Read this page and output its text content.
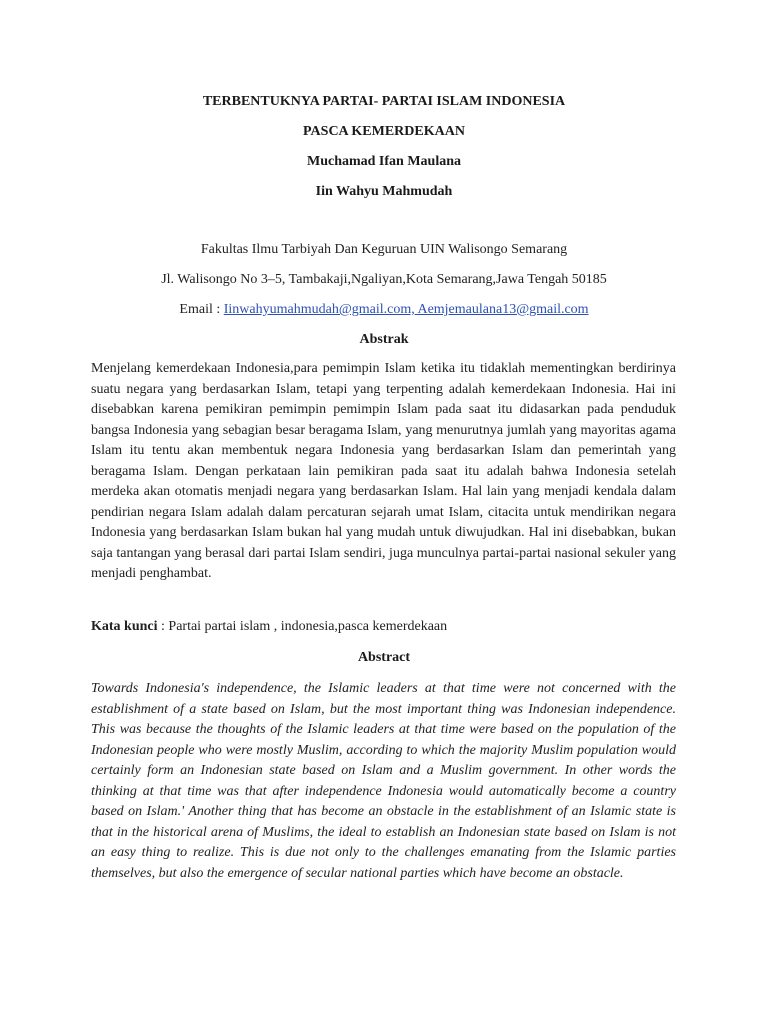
TERBENTUKNYA PARTAI- PARTAI ISLAM INDONESIA
PASCA KEMERDEKAAN
Muchamad Ifan Maulana
Iin Wahyu Mahmudah
Fakultas Ilmu Tarbiyah Dan Keguruan UIN Walisongo Semarang
Jl. Walisongo No 3–5, Tambakaji,Ngaliyan,Kota Semarang,Jawa Tengah 50185
Email : Iinwahyumahmudah@gmail.com, Aemjemaulana13@gmail.com
Abstrak
Menjelang kemerdekaan Indonesia,para pemimpin Islam ketika itu tidaklah mementingkan berdirinya suatu negara yang berdasarkan Islam, tetapi yang terpenting adalah kemerdekaan Indonesia. Hai ini disebabkan karena pemikiran pemimpin pemimpin Islam pada saat itu didasarkan pada penduduk bangsa Indonesia yang sebagian besar beragama Islam, yang menurutnya jumlah yang mayoritas agama Islam itu tentu akan membentuk negara Indonesia yang berdasarkan Islam dan pemerintah yang beragama Islam. Dengan perkataan lain pemikiran pada saat itu adalah bahwa Indonesia setelah merdeka akan otomatis menjadi negara yang berdasarkan Islam. Hal lain yang menjadi kendala dalam pendirian negara Islam adalah dalam percaturan sejarah umat Islam, citacita untuk mendirikan negara Indonesia yang berdasarkan Islam bukan hal yang mudah untuk diwujudkan. Hal ini disebabkan, bukan saja tantangan yang berasal dari partai Islam sendiri, juga munculnya partai-partai nasional sekuler yang menjadi penghambat.
Kata kunci : Partai partai islam , indonesia,pasca kemerdekaan
Abstract
Towards Indonesia's independence, the Islamic leaders at that time were not concerned with the establishment of a state based on Islam, but the most important thing was Indonesian independence. This was because the thoughts of the Islamic leaders at that time were based on the population of the Indonesian people who were mostly Muslim, according to which the majority Muslim population would certainly form an Indonesian state based on Islam and a Muslim government. In other words the thinking at that time was that after independence Indonesia would automatically become a country based on Islam.' Another thing that has become an obstacle in the establishment of an Islamic state is that in the historical arena of Muslims, the ideal to establish an Indonesian state based on Islam is not an easy thing to realize. This is due not only to the challenges emanating from the Islamic parties themselves, but also the emergence of secular national parties which have become an obstacle.
